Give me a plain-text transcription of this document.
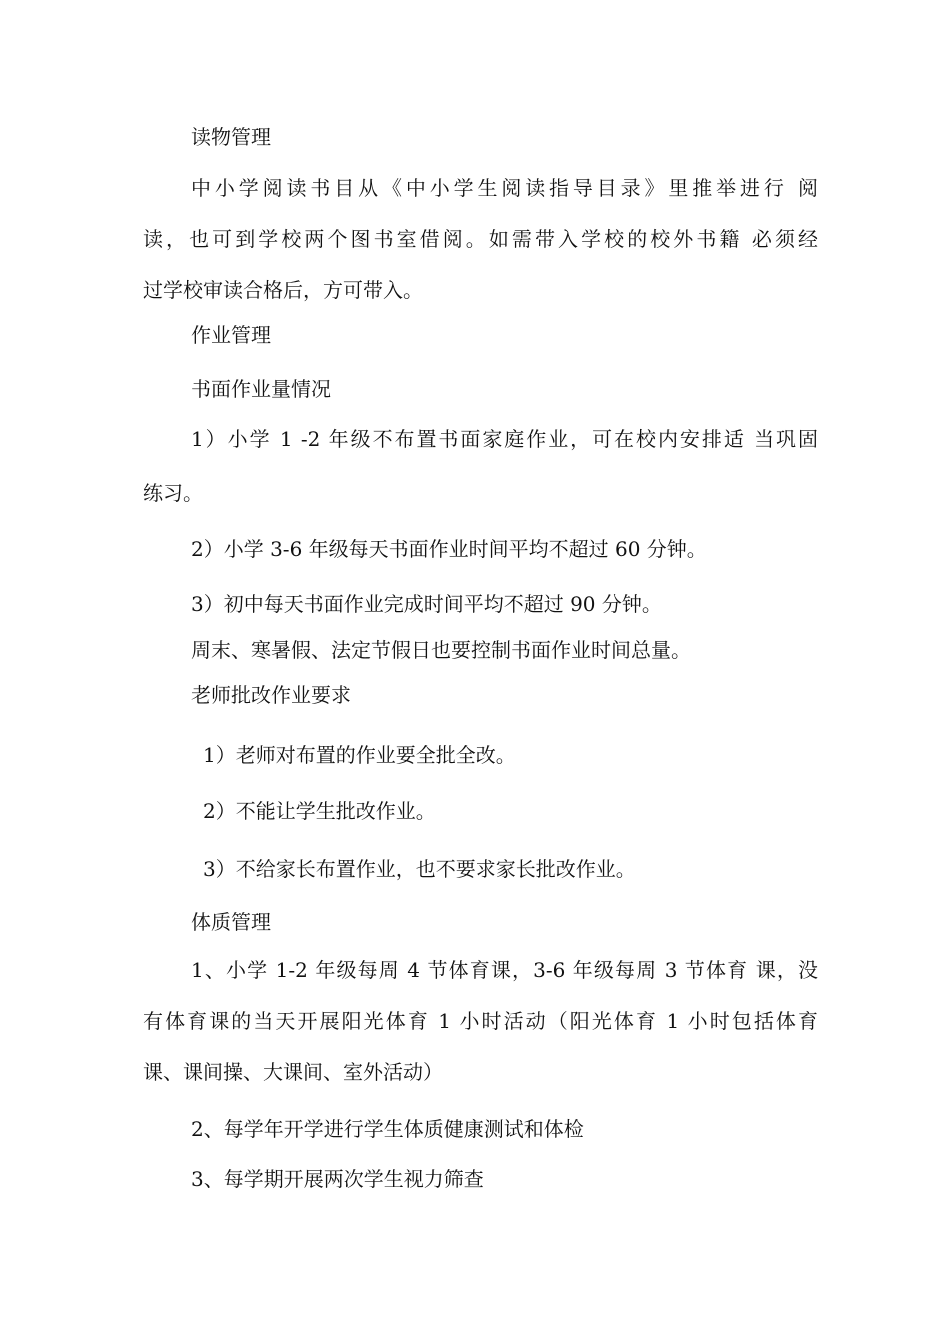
读物管理

中小学阅读书目从《中小学生阅读指导目录》里推举进行 阅

读，也可到学校两个图书室借阅。如需带入学校的校外书籍 必须经

过学校审读合格后，方可带入。

作业管理

书面作业量情况

1）小学 1 -2 年级不布置书面家庭作业，可在校内安排适 当巩固

练习。

2）小学 3-6 年级每天书面作业时间平均不超过 60 分钟。

3）初中每天书面作业完成时间平均不超过 90 分钟。

周末、寒暑假、法定节假日也要控制书面作业时间总量。

老师批改作业要求

1）老师对布置的作业要全批全改。

2）不能让学生批改作业。

3）不给家长布置作业，也不要求家长批改作业。

体质管理

1、小学 1-2 年级每周 4 节体育课，3-6 年级每周 3 节体育 课，没

有体育课的当天开展阳光体育 1 小时活动（阳光体育 1 小时包括体育

课、课间操、大课间、室外活动）

2、每学年开学进行学生体质健康测试和体检

3、每学期开展两次学生视力筛查
